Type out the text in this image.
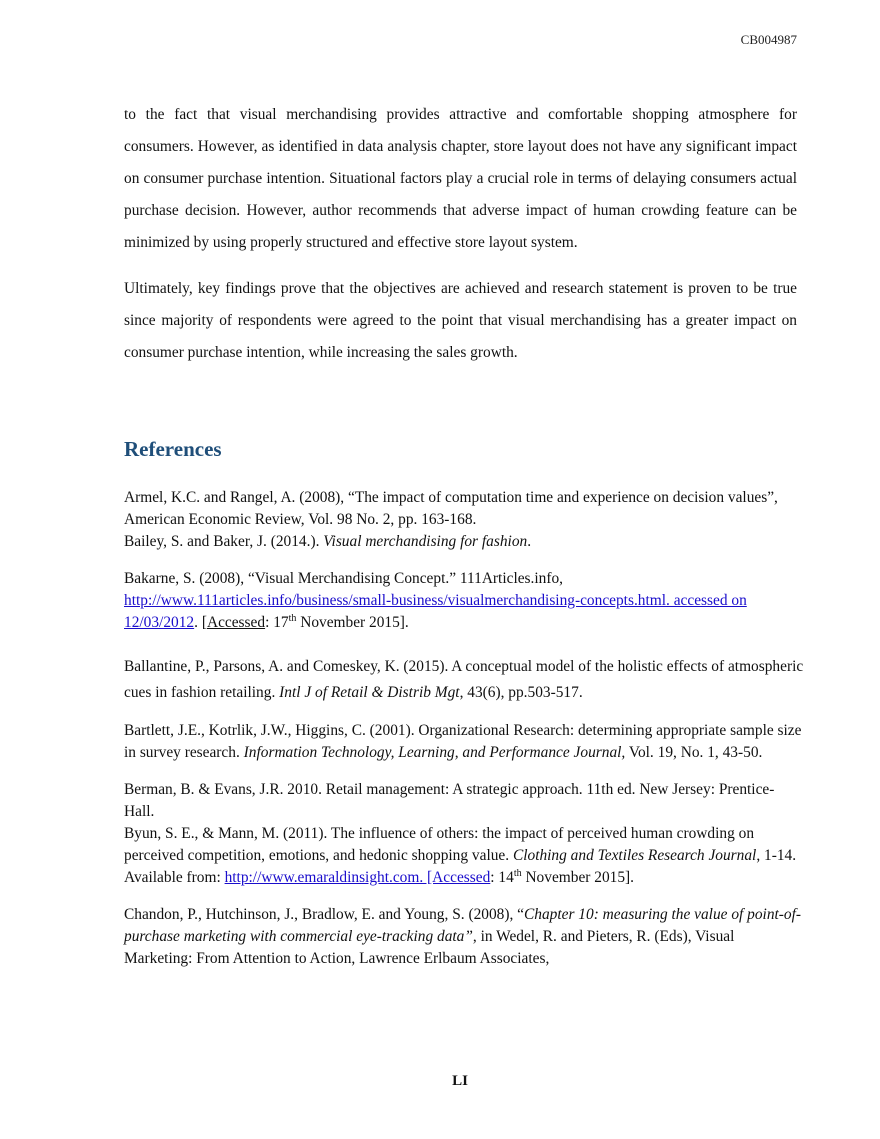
CB004987

to the fact that visual merchandising provides attractive and comfortable shopping atmosphere for consumers. However, as identified in data analysis chapter, store layout does not have any significant impact on consumer purchase intention. Situational factors play a crucial role in terms of delaying consumers actual purchase decision. However, author recommends that adverse impact of human crowding feature can be minimized by using properly structured and effective store layout system.

Ultimately, key findings prove that the objectives are achieved and research statement is proven to be true since majority of respondents were agreed to the point that visual merchandising has a greater impact on consumer purchase intention, while increasing the sales growth.

References

Armel, K.C. and Rangel, A. (2008), “The impact of computation time and experience on decision values”, American Economic Review, Vol. 98 No. 2, pp. 163-168.

Bailey, S. and Baker, J. (2014.). Visual merchandising for fashion.

Bakarne, S. (2008), “Visual Merchandising Concept.” 111Articles.info, http://www.111articles.info/business/small-business/visualmerchandising-concepts.html. accessed on 12/03/2012. [Accessed: 17th November 2015].

Ballantine, P., Parsons, A. and Comeskey, K. (2015). A conceptual model of the holistic effects of atmospheric cues in fashion retailing. Intl J of Retail & Distrib Mgt, 43(6), pp.503-517.

Bartlett, J.E., Kotrlik, J.W., Higgins, C. (2001). Organizational Research: determining appropriate sample size in survey research. Information Technology, Learning, and Performance Journal, Vol. 19, No. 1, 43-50.

Berman, B. & Evans, J.R. 2010. Retail management: A strategic approach. 11th ed. New Jersey: Prentice-Hall.

Byun, S. E., & Mann, M. (2011). The influence of others: the impact of perceived human crowding on perceived competition, emotions, and hedonic shopping value. Clothing and Textiles Research Journal, 1-14. Available from: http://www.emaraldinsight.com. [Accessed: 14th November 2015].

Chandon, P., Hutchinson, J., Bradlow, E. and Young, S. (2008), “Chapter 10: measuring the value of point-of-purchase marketing with commercial eye-tracking data”, in Wedel, R. and Pieters, R. (Eds), Visual Marketing: From Attention to Action, Lawrence Erlbaum Associates,

LI
